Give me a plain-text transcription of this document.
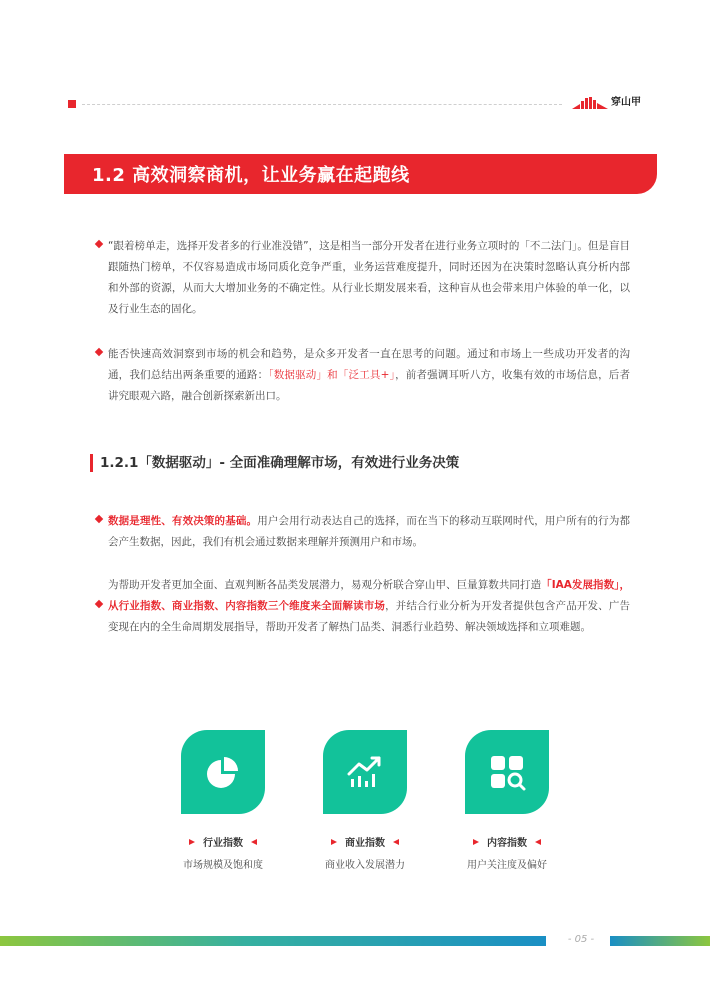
穿山甲
1.2 高效洞察商机，让业务赢在起跑线

“跟着榜单走，选择开发者多的行业准没错”，这是相当一部分开发者在进行业务立项时的「不二法门」。但是盲目跟随热门榜单，不仅容易造成市场同质化竞争严重，业务运营难度提升，同时还因为在决策时忽略认真分析内部和外部的资源，从而大大增加业务的不确定性。从行业长期发展来看，这种盲从也会带来用户体验的单一化，以及行业生态的固化。

能否快速高效洞察到市场的机会和趋势，是众多开发者一直在思考的问题。通过和市场上一些成功开发者的沟通，我们总结出两条重要的通路：「数据驱动」和「泛工具+」，前者强调耳听八方，收集有效的市场信息，后者讲究眼观六路，融合创新探索新出口。

1.2.1「数据驱动」- 全面准确理解市场，有效进行业务决策

数据是理性、有效决策的基础。用户会用行动表达自己的选择，而在当下的移动互联网时代，用户所有的行为都会产生数据，因此，我们有机会通过数据来理解并预测用户和市场。

为帮助开发者更加全面、直观判断各品类发展潜力，易观分析联合穿山甲、巨量算数共同打造「IAA发展指数」，从行业指数、商业指数、内容指数三个维度来全面解读市场，并结合行业分析为开发者提供包含产品开发、广告变现在内的全生命周期发展指导，帮助开发者了解热门品类、洞悉行业趋势、解决领域选择和立项难题。

行业指数
市场规模及饱和度
商业指数
商业收入发展潜力
内容指数
用户关注度及偏好
- 05 -
